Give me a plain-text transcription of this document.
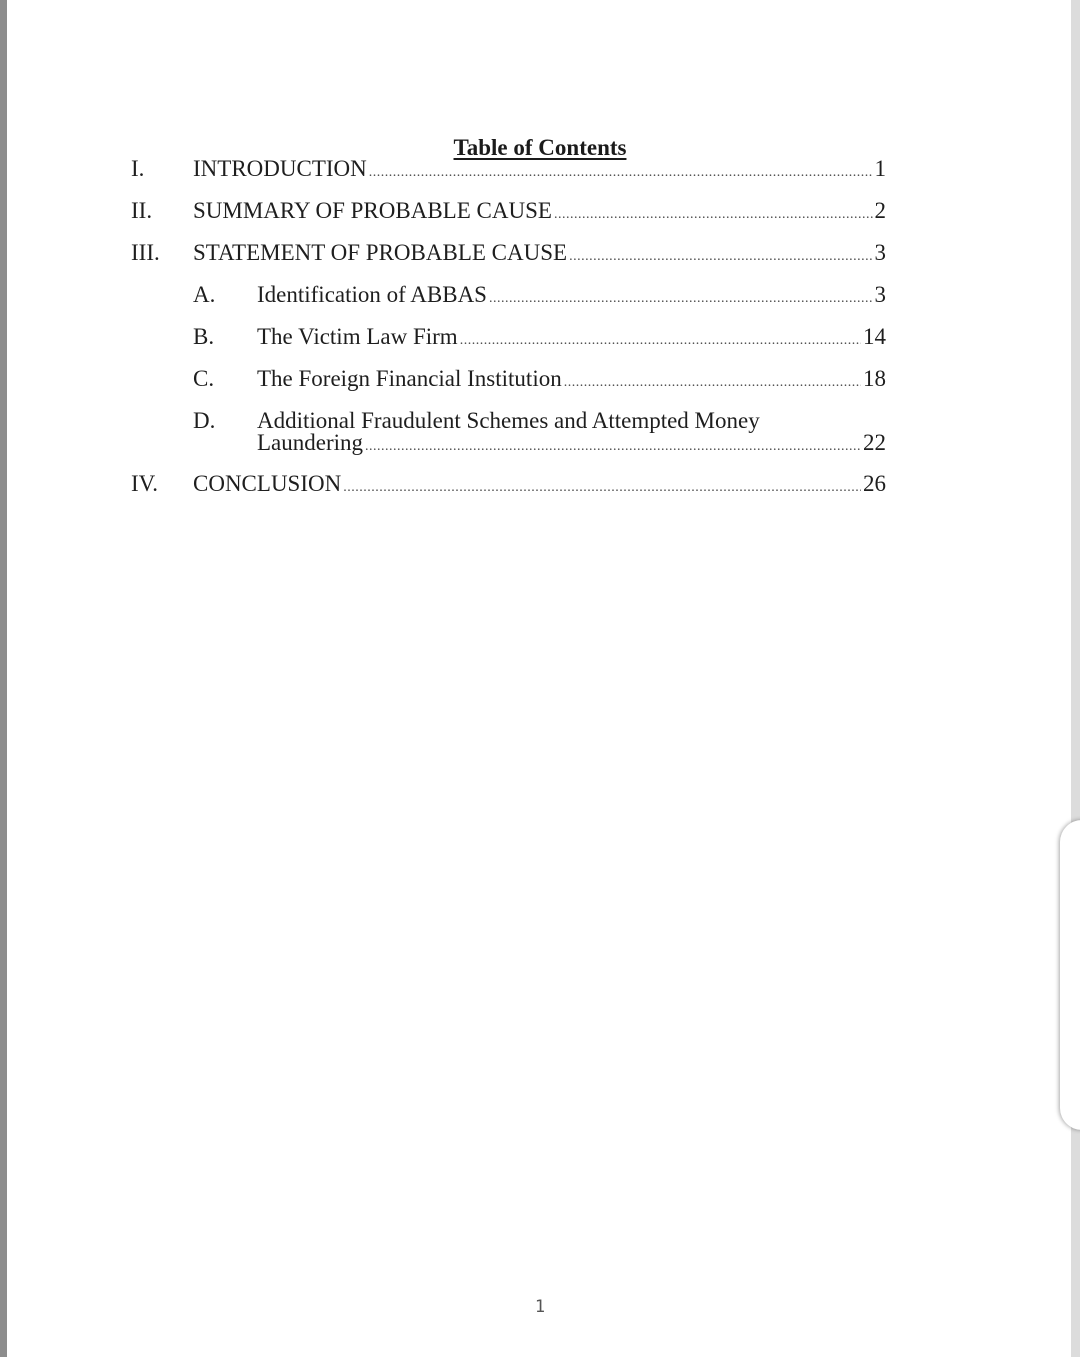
Table of Contents
I. INTRODUCTION .....	1
II. SUMMARY OF PROBABLE CAUSE .....	2
III. STATEMENT OF PROBABLE CAUSE .....	3
A. Identification of ABBAS .....	3
B. The Victim Law Firm .....	14
C. The Foreign Financial Institution .....	18
D. Additional Fraudulent Schemes and Attempted Money
Laundering .....	22
IV. CONCLUSION .....	26
1
